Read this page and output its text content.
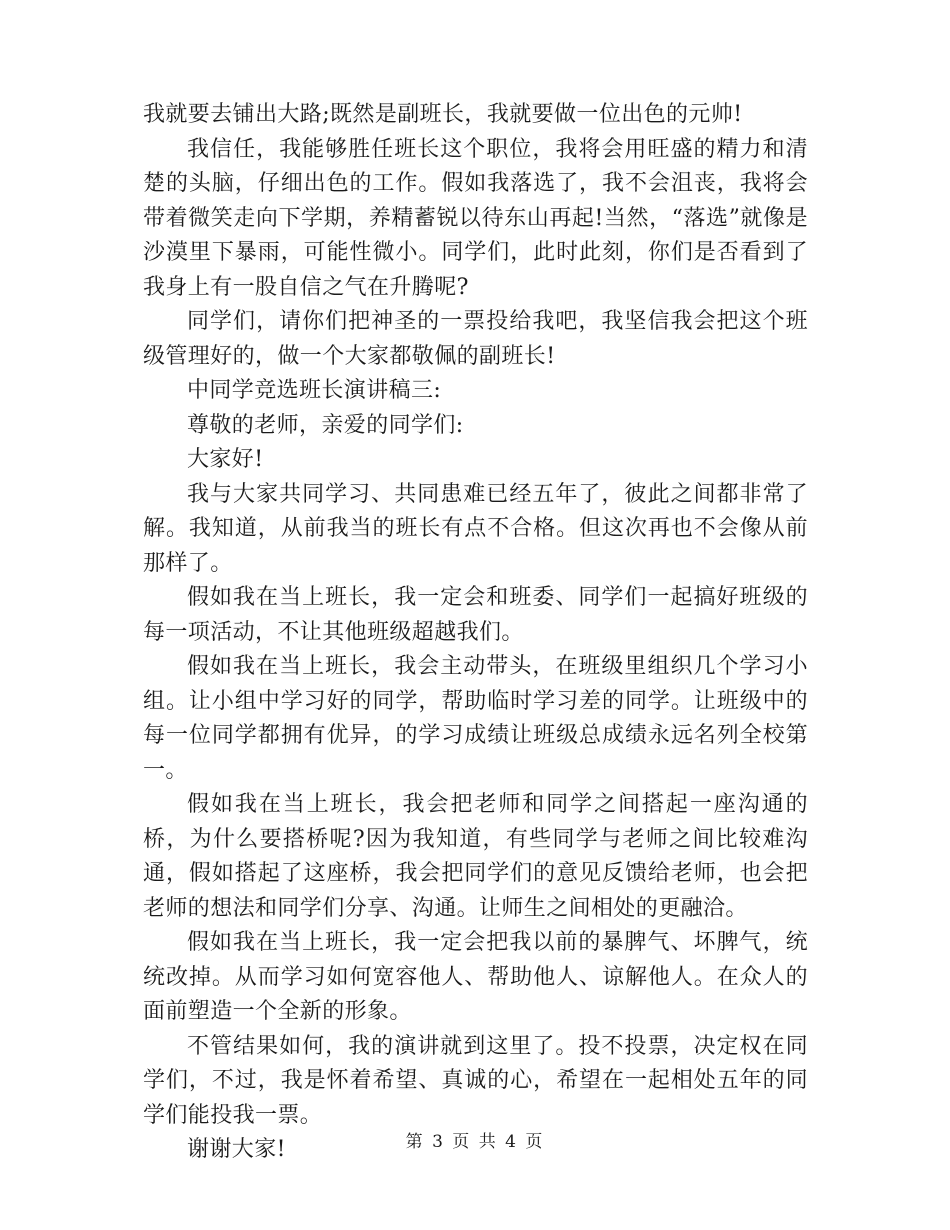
我就要去铺出大路;既然是副班长，我就要做一位出色的元帅!

我信任，我能够胜任班长这个职位，我将会用旺盛的精力和清楚的头脑，仔细出色的工作。假如我落选了，我不会沮丧，我将会带着微笑走向下学期，养精蓄锐以待东山再起!当然，“落选”就像是沙漠里下暴雨，可能性微小。同学们，此时此刻，你们是否看到了我身上有一股自信之气在升腾呢?

同学们，请你们把神圣的一票投给我吧，我坚信我会把这个班级管理好的，做一个大家都敬佩的副班长!

中同学竞选班长演讲稿三:

尊敬的老师，亲爱的同学们:

大家好!

我与大家共同学习、共同患难已经五年了，彼此之间都非常了解。我知道，从前我当的班长有点不合格。但这次再也不会像从前那样了。

假如我在当上班长，我一定会和班委、同学们一起搞好班级的每一项活动，不让其他班级超越我们。

假如我在当上班长，我会主动带头，在班级里组织几个学习小组。让小组中学习好的同学，帮助临时学习差的同学。让班级中的每一位同学都拥有优异，的学习成绩让班级总成绩永远名列全校第一。

假如我在当上班长，我会把老师和同学之间搭起一座沟通的桥，为什么要搭桥呢?因为我知道，有些同学与老师之间比较难沟通，假如搭起了这座桥，我会把同学们的意见反馈给老师，也会把老师的想法和同学们分享、沟通。让师生之间相处的更融洽。

假如我在当上班长，我一定会把我以前的暴脾气、坏脾气，统统改掉。从而学习如何宽容他人、帮助他人、谅解他人。在众人的面前塑造一个全新的形象。

不管结果如何，我的演讲就到这里了。投不投票，决定权在同学们，不过，我是怀着希望、真诚的心，希望在一起相处五年的同学们能投我一票。

谢谢大家!	第 3 页 共 4 页
